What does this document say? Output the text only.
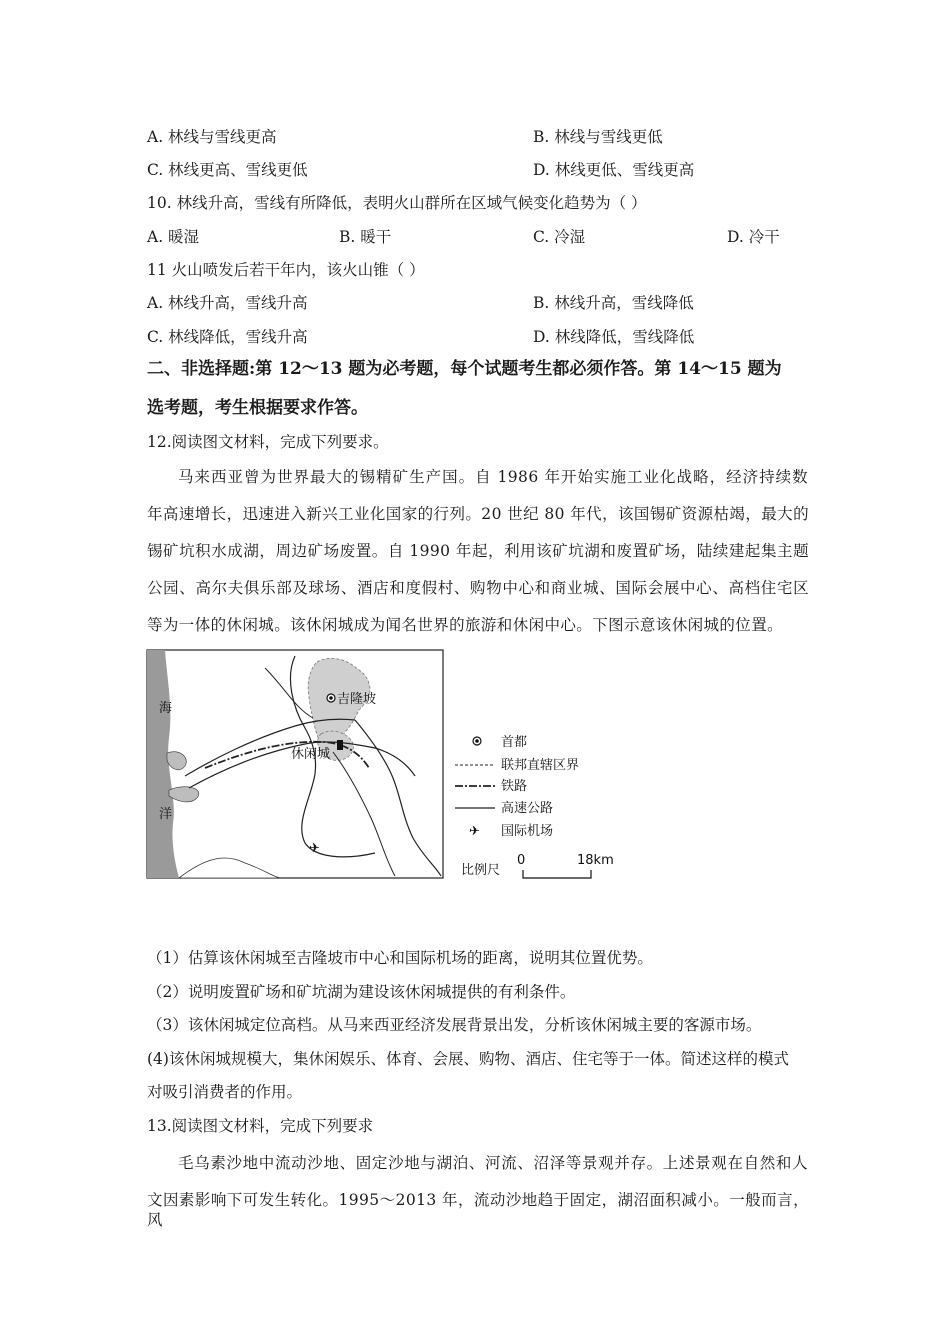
A. 林线与雪线更高	B. 林线与雪线更低
C. 林线更高、雪线更低	D. 林线更低、雪线更高
10. 林线升高，雪线有所降低，表明火山群所在区域气候变化趋势为（ ）
A. 暖湿	B. 暖干	C. 冷湿	D. 冷干
11 火山喷发后若干年内，该火山锥（ ）
A. 林线升高，雪线升高	B. 林线升高，雪线降低
C. 林线降低，雪线升高	D. 林线降低，雪线降低
二、非选择题:第 12～13 题为必考题，每个试题考生都必须作答。第 14～15 题为
选考题，考生根据要求作答。
12.阅读图文材料，完成下列要求。
马来西亚曾为世界最大的锡精矿生产国。自 1986 年开始实施工业化战略，经济持续数
年高速增长，迅速进入新兴工业化国家的行列。20 世纪 80 年代，该国锡矿资源枯竭，最大的
锡矿坑积水成湖，周边矿场废置。自 1990 年起，利用该矿坑湖和废置矿场，陆续建起集主题
公园、高尔夫俱乐部及球场、酒店和度假村、购物中心和商业城、国际会展中心、高档住宅区
等为一体的休闲城。该休闲城成为闻名世界的旅游和休闲中心。下图示意该休闲城的位置。
吉隆坡
休闲城
海
洋
✈
首都
联邦直辖区界
铁路
高速公路
✈ 国际机场
比例尺
0	18km
（1）估算该休闲城至吉隆坡市中心和国际机场的距离，说明其位置优势。
（2）说明废置矿场和矿坑湖为建设该休闲城提供的有利条件。
（3）该休闲城定位高档。从马来西亚经济发展背景出发，分析该休闲城主要的客源市场。
(4)该休闲城规模大，集休闲娱乐、体育、会展、购物、酒店、住宅等于一体。简述这样的模式
对吸引消费者的作用。
13.阅读图文材料，完成下列要求
毛乌素沙地中流动沙地、固定沙地与湖泊、河流、沼泽等景观并存。上述景观在自然和人
文因素影响下可发生转化。1995～2013 年，流动沙地趋于固定，湖沼面积减小。一般而言，风
